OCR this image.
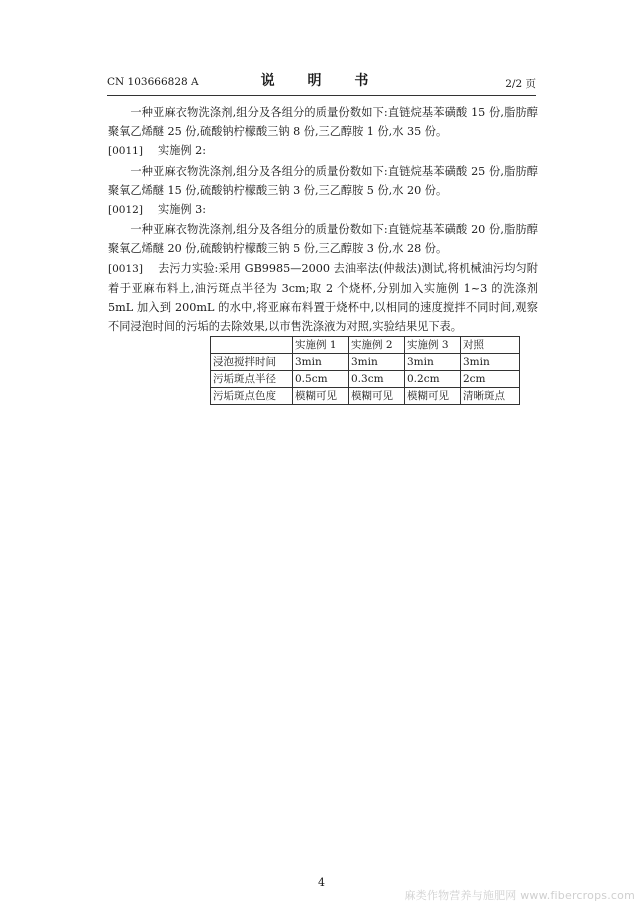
CN 103666828 A	说 明 书	2/2 页

一种亚麻衣物洗涤剂,组分及各组分的质量份数如下:直链烷基苯磺酸 15 份,脂肪醇聚氧乙烯醚 25 份,硫酸钠柠檬酸三钠 8 份,三乙醇胺 1 份,水 35 份。

[0011] 实施例 2:

一种亚麻衣物洗涤剂,组分及各组分的质量份数如下:直链烷基苯磺酸 25 份,脂肪醇聚氧乙烯醚 15 份,硫酸钠柠檬酸三钠 3 份,三乙醇胺 5 份,水 20 份。

[0012] 实施例 3:

一种亚麻衣物洗涤剂,组分及各组分的质量份数如下:直链烷基苯磺酸 20 份,脂肪醇聚氧乙烯醚 20 份,硫酸钠柠檬酸三钠 5 份,三乙醇胺 3 份,水 28 份。

[0013] 去污力实验:采用 GB9985—2000 去油率法(仲裁法)测试,将机械油污均匀附着于亚麻布料上,油污斑点半径为 3cm;取 2 个烧杯,分别加入实施例 1~3 的洗涤剂 5mL 加入到 200mL 的水中,将亚麻布料置于烧杯中,以相同的速度搅拌不同时间,观察不同浸泡时间的污垢的去除效果,以市售洗涤液为对照,实验结果见下表。

	实施例 1	实施例 2	实施例 3	对照
浸泡搅拌时间	3min	3min	3min	3min
污垢斑点半径	0.5cm	0.3cm	0.2cm	2cm
污垢斑点色度	模糊可见	模糊可见	模糊可见	清晰斑点
4
麻类作物营养与施肥网 www.fibercrops.com
